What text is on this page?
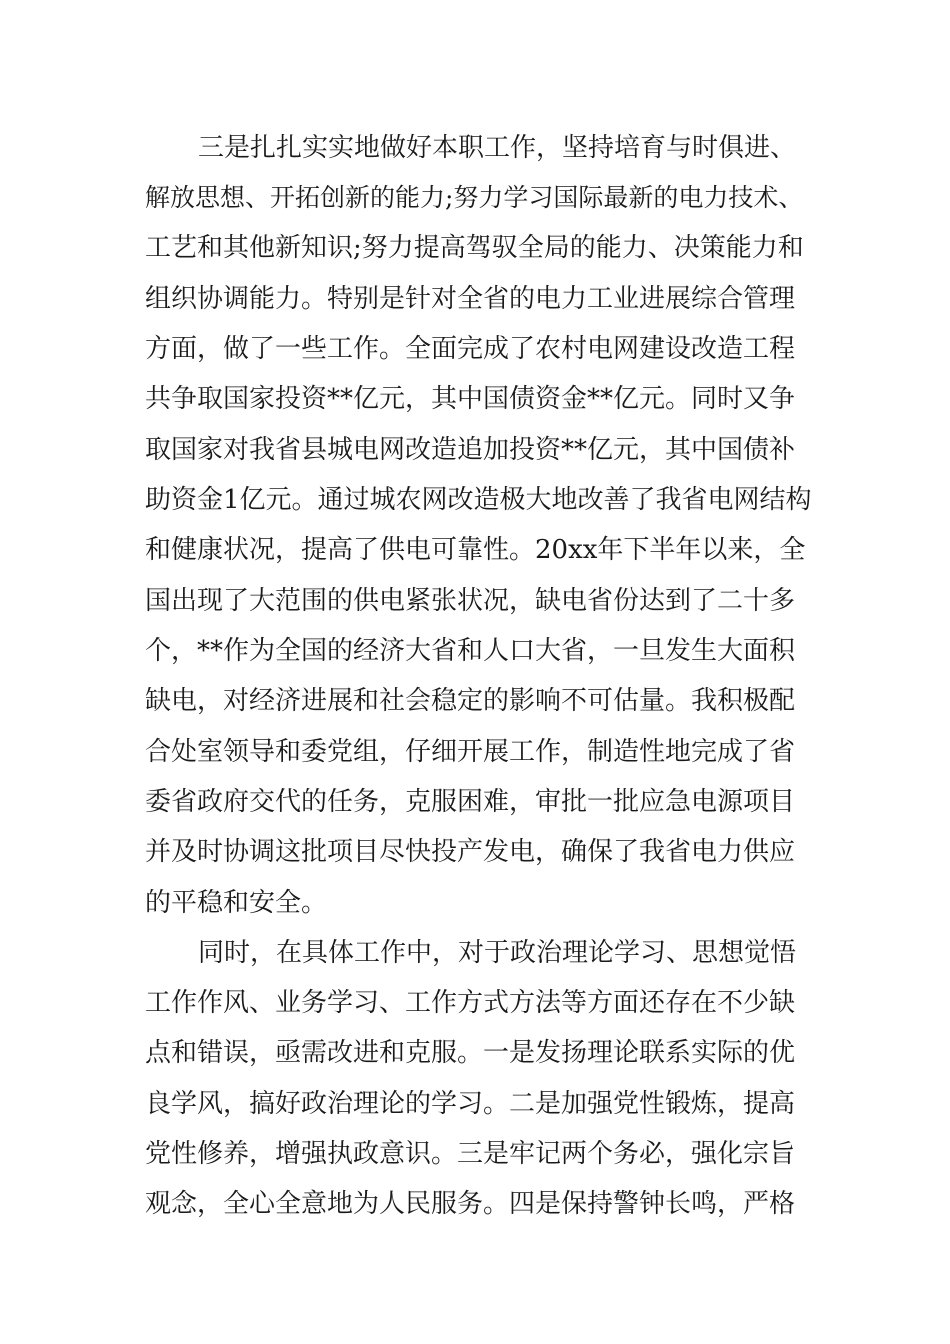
三是扎扎实实地做好本职工作，坚持培育与时俱进、
解放思想、开拓创新的能力;努力学习国际最新的电力技术、
工艺和其他新知识;努力提高驾驭全局的能力、决策能力和
组织协调能力。特别是针对全省的电力工业进展综合管理
方面，做了一些工作。全面完成了农村电网建设改造工程
共争取国家投资**亿元，其中国债资金**亿元。同时又争
取国家对我省县城电网改造追加投资**亿元，其中国债补
助资金1亿元。通过城农网改造极大地改善了我省电网结构
和健康状况，提高了供电可靠性。20xx年下半年以来，全
国出现了大范围的供电紧张状况，缺电省份达到了二十多
个，**作为全国的经济大省和人口大省，一旦发生大面积
缺电，对经济进展和社会稳定的影响不可估量。我积极配
合处室领导和委党组，仔细开展工作，制造性地完成了省
委省政府交代的任务，克服困难，审批一批应急电源项目
并及时协调这批项目尽快投产发电，确保了我省电力供应
的平稳和安全。
同时，在具体工作中，对于政治理论学习、思想觉悟
工作作风、业务学习、工作方式方法等方面还存在不少缺
点和错误，亟需改进和克服。一是发扬理论联系实际的优
良学风，搞好政治理论的学习。二是加强党性锻炼，提高
党性修养，增强执政意识。三是牢记两个务必，强化宗旨
观念，全心全意地为人民服务。四是保持警钟长鸣，严格
